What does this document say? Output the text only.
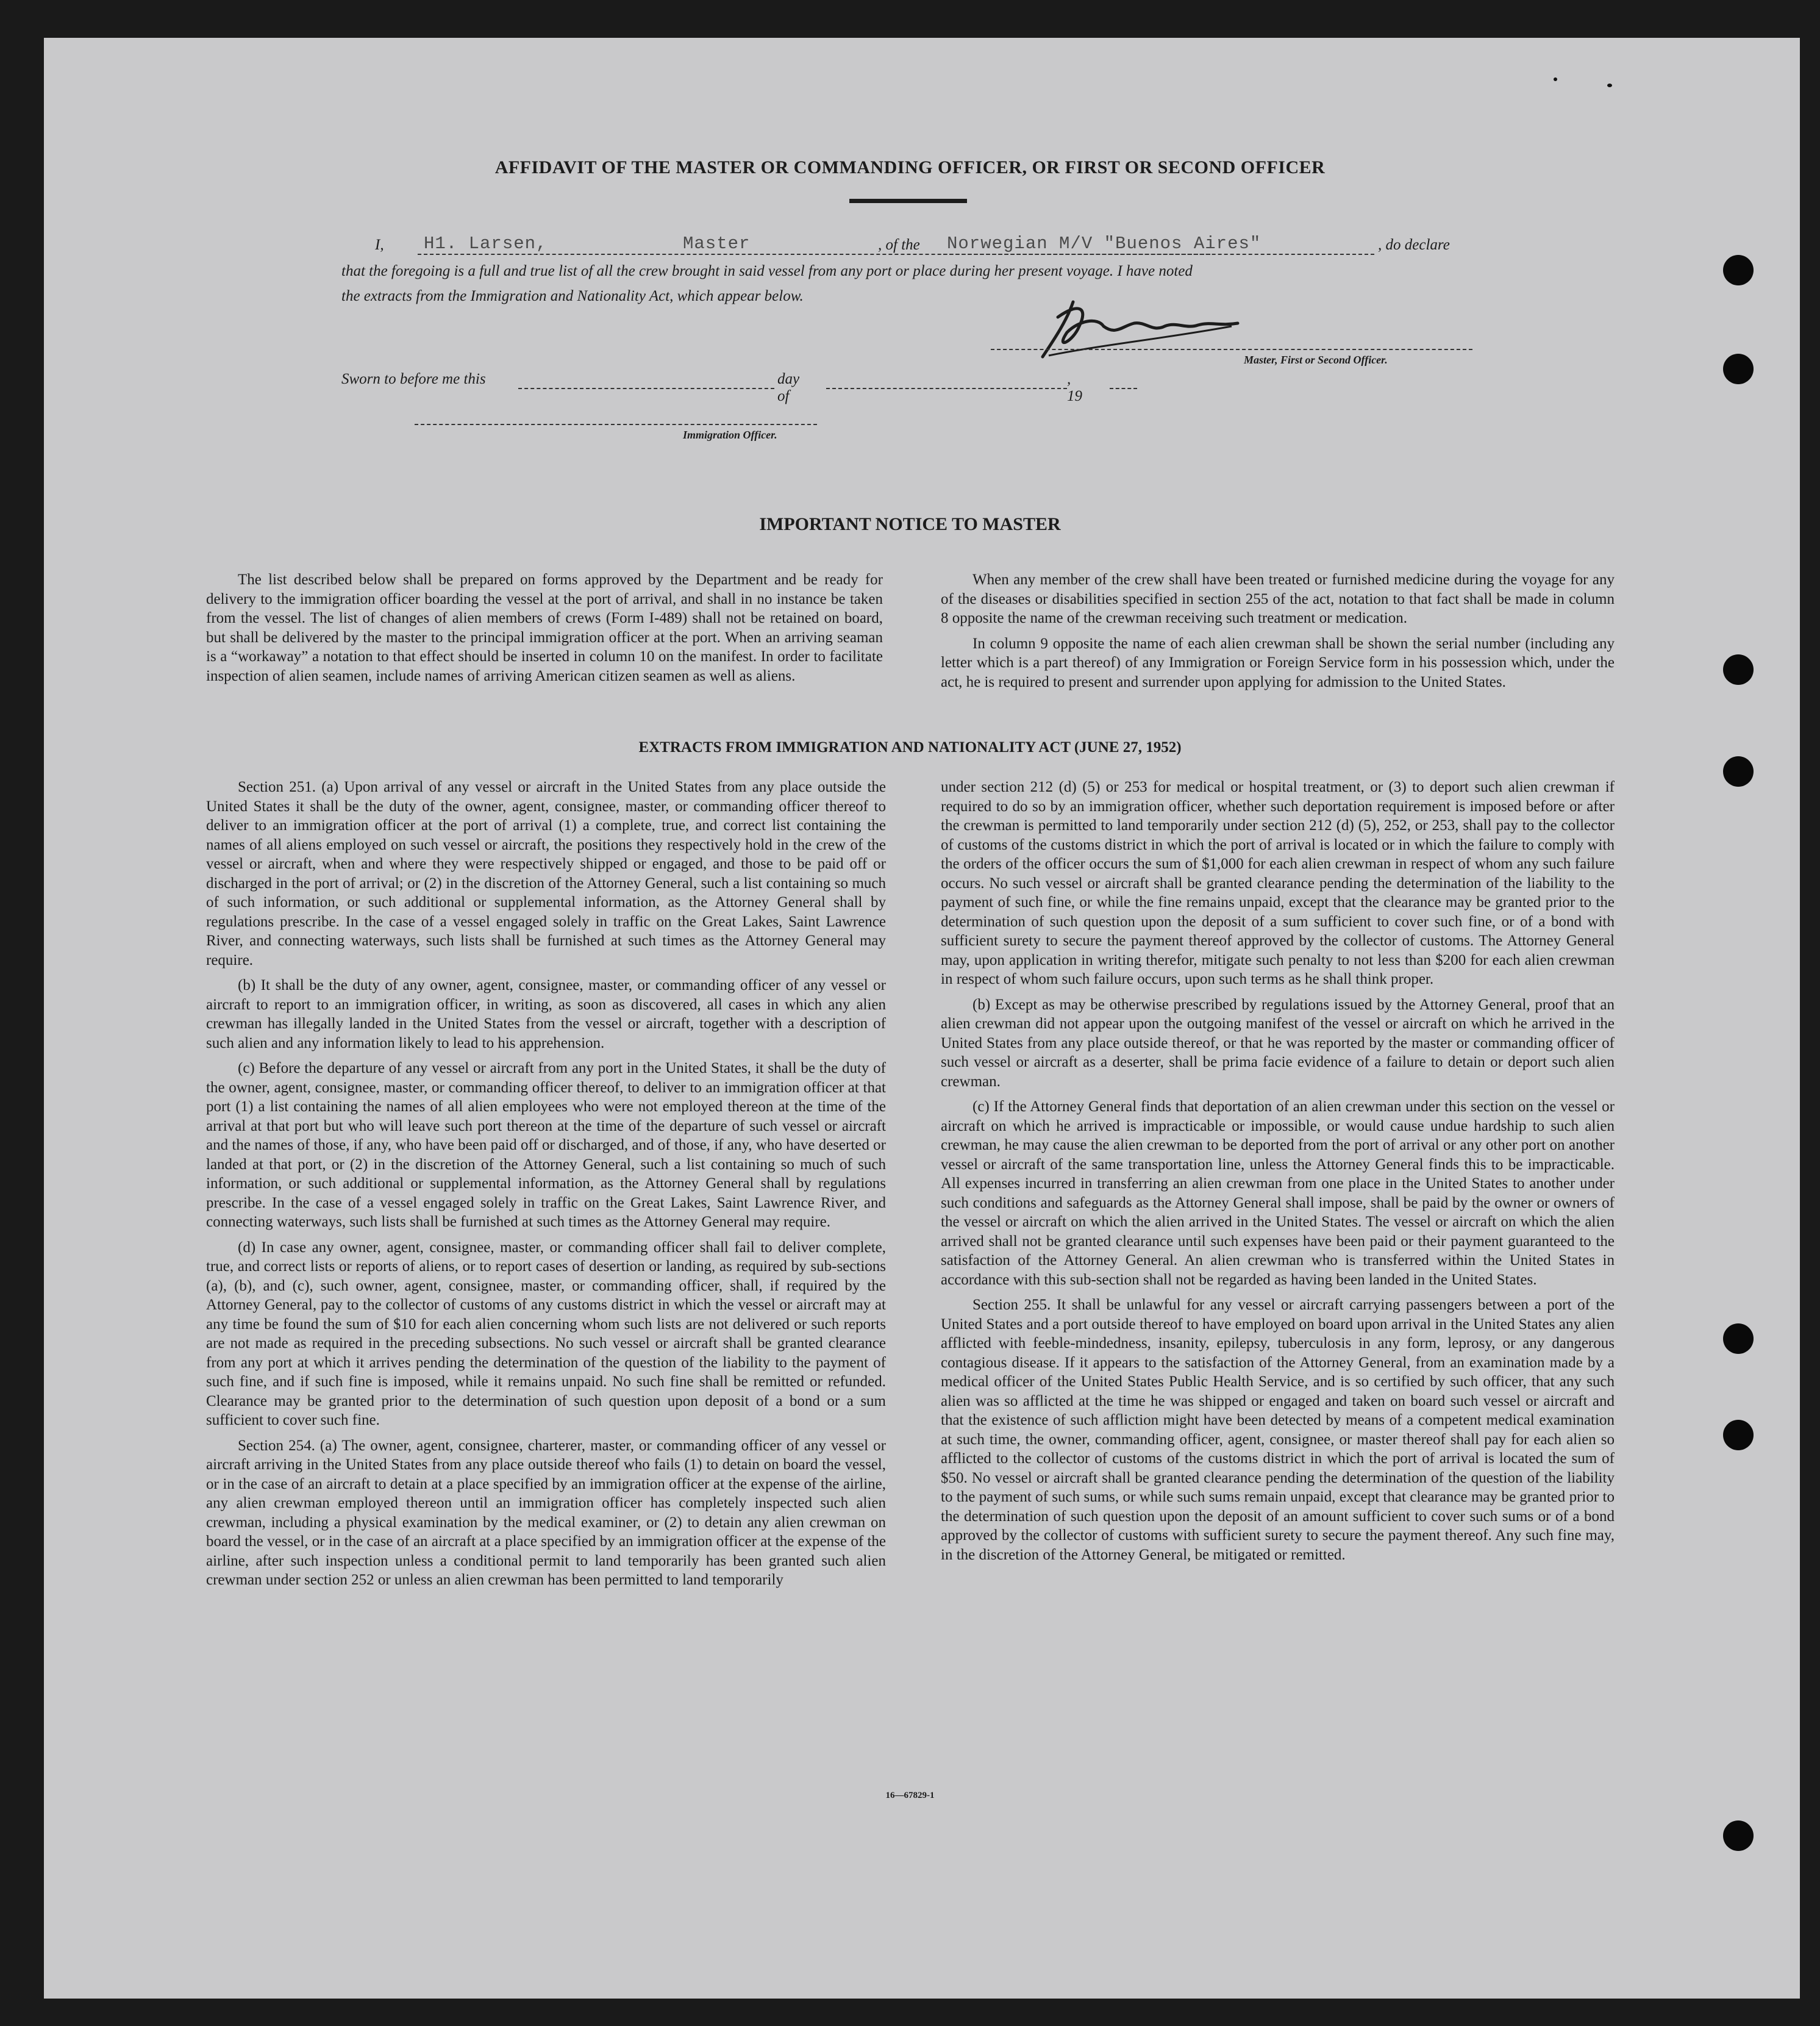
AFFIDAVIT OF THE MASTER OR COMMANDING OFFICER, OR FIRST OR SECOND OFFICER
I, H1. Larsen,	Master	, of the Norwegian M/V "Buenos Aires"	, do declare
that the foregoing is a full and true list of all the crew brought in said vessel from any port or place during her present voyage. I have noted
the extracts from the Immigration and Nationality Act, which appear below.
Master, First or Second Officer.
Sworn to before me this	day of
, 19
Immigration Officer.
IMPORTANT NOTICE TO MASTER

The list described below shall be prepared on forms approved by the Department and be ready for delivery to the immigration officer boarding the vessel at the port of arrival, and shall in no instance be taken from the vessel. The list of changes of alien members of crews (Form I-489) shall not be retained on board, but shall be delivered by the master to the principal immigration officer at the port. When an arriving seaman is a “workaway” a notation to that effect should be inserted in column 10 on the manifest. In order to facilitate inspection of alien seamen, include names of arriving American citizen seamen as well as aliens.

When any member of the crew shall have been treated or furnished medicine during the voyage for any of the diseases or disabilities specified in section 255 of the act, notation to that fact shall be made in column 8 opposite the name of the crewman receiving such treatment or medication.

In column 9 opposite the name of each alien crewman shall be shown the serial number (including any letter which is a part thereof) of any Immigration or Foreign Service form in his possession which, under the act, he is required to present and surrender upon applying for admission to the United States.

EXTRACTS FROM IMMIGRATION AND NATIONALITY ACT (JUNE 27, 1952)

Section 251. (a) Upon arrival of any vessel or aircraft in the United States from any place outside the United States it shall be the duty of the owner, agent, consignee, master, or commanding officer thereof to deliver to an immigration officer at the port of arrival (1) a complete, true, and correct list containing the names of all aliens employed on such vessel or aircraft, the positions they respectively hold in the crew of the vessel or aircraft, when and where they were respectively shipped or engaged, and those to be paid off or discharged in the port of arrival; or (2) in the discretion of the Attorney General, such a list containing so much of such information, or such additional or supplemental information, as the Attorney General shall by regulations prescribe. In the case of a vessel engaged solely in traffic on the Great Lakes, Saint Lawrence River, and connecting waterways, such lists shall be furnished at such times as the Attorney General may require.

(b) It shall be the duty of any owner, agent, consignee, master, or commanding officer of any vessel or aircraft to report to an immigration officer, in writing, as soon as discovered, all cases in which any alien crewman has illegally landed in the United States from the vessel or aircraft, together with a description of such alien and any information likely to lead to his apprehension.

(c) Before the departure of any vessel or aircraft from any port in the United States, it shall be the duty of the owner, agent, consignee, master, or commanding officer thereof, to deliver to an immigration officer at that port (1) a list containing the names of all alien employees who were not employed thereon at the time of the arrival at that port but who will leave such port thereon at the time of the departure of such vessel or aircraft and the names of those, if any, who have been paid off or discharged, and of those, if any, who have deserted or landed at that port, or (2) in the discretion of the Attorney General, such a list containing so much of such information, or such additional or supplemental information, as the Attorney General shall by regulations prescribe. In the case of a vessel engaged solely in traffic on the Great Lakes, Saint Lawrence River, and connecting waterways, such lists shall be furnished at such times as the Attorney General may require.

(d) In case any owner, agent, consignee, master, or commanding officer shall fail to deliver complete, true, and correct lists or reports of aliens, or to report cases of desertion or landing, as required by sub-sections (a), (b), and (c), such owner, agent, consignee, master, or commanding officer, shall, if required by the Attorney General, pay to the collector of customs of any customs district in which the vessel or aircraft may at any time be found the sum of $10 for each alien concerning whom such lists are not delivered or such reports are not made as required in the preceding subsections. No such vessel or aircraft shall be granted clearance from any port at which it arrives pending the determination of the question of the liability to the payment of such fine, and if such fine is imposed, while it remains unpaid. No such fine shall be remitted or refunded. Clearance may be granted prior to the determination of such question upon deposit of a bond or a sum sufficient to cover such fine.

Section 254. (a) The owner, agent, consignee, charterer, master, or commanding officer of any vessel or aircraft arriving in the United States from any place outside thereof who fails (1) to detain on board the vessel, or in the case of an aircraft to detain at a place specified by an immigration officer at the expense of the airline, any alien crewman employed thereon until an immigration officer has completely inspected such alien crewman, including a physical examination by the medical examiner, or (2) to detain any alien crewman on board the vessel, or in the case of an aircraft at a place specified by an immigration officer at the expense of the airline, after such inspection unless a conditional permit to land temporarily has been granted such alien crewman under section 252 or unless an alien crewman has been permitted to land temporarily

under section 212 (d) (5) or 253 for medical or hospital treatment, or (3) to deport such alien crewman if required to do so by an immigration officer, whether such deportation requirement is imposed before or after the crewman is permitted to land temporarily under section 212 (d) (5), 252, or 253, shall pay to the collector of customs of the customs district in which the port of arrival is located or in which the failure to comply with the orders of the officer occurs the sum of $1,000 for each alien crewman in respect of whom any such failure occurs. No such vessel or aircraft shall be granted clearance pending the determination of the liability to the payment of such fine, or while the fine remains unpaid, except that the clearance may be granted prior to the determination of such question upon the deposit of a sum sufficient to cover such fine, or of a bond with sufficient surety to secure the payment thereof approved by the collector of customs. The Attorney General may, upon application in writing therefor, mitigate such penalty to not less than $200 for each alien crewman in respect of whom such failure occurs, upon such terms as he shall think proper.

(b) Except as may be otherwise prescribed by regulations issued by the Attorney General, proof that an alien crewman did not appear upon the outgoing manifest of the vessel or aircraft on which he arrived in the United States from any place outside thereof, or that he was reported by the master or commanding officer of such vessel or aircraft as a deserter, shall be prima facie evidence of a failure to detain or deport such alien crewman.

(c) If the Attorney General finds that deportation of an alien crewman under this section on the vessel or aircraft on which he arrived is impracticable or impossible, or would cause undue hardship to such alien crewman, he may cause the alien crewman to be deported from the port of arrival or any other port on another vessel or aircraft of the same transportation line, unless the Attorney General finds this to be impracticable. All expenses incurred in transferring an alien crewman from one place in the United States to another under such conditions and safeguards as the Attorney General shall impose, shall be paid by the owner or owners of the vessel or aircraft on which the alien arrived in the United States. The vessel or aircraft on which the alien arrived shall not be granted clearance until such expenses have been paid or their payment guaranteed to the satisfaction of the Attorney General. An alien crewman who is transferred within the United States in accordance with this sub-section shall not be regarded as having been landed in the United States.

Section 255. It shall be unlawful for any vessel or aircraft carrying passengers between a port of the United States and a port outside thereof to have employed on board upon arrival in the United States any alien afflicted with feeble-mindedness, insanity, epilepsy, tuberculosis in any form, leprosy, or any dangerous contagious disease. If it appears to the satisfaction of the Attorney General, from an examination made by a medical officer of the United States Public Health Service, and is so certified by such officer, that any such alien was so afflicted at the time he was shipped or engaged and taken on board such vessel or aircraft and that the existence of such affliction might have been detected by means of a competent medical examination at such time, the owner, commanding officer, agent, consignee, or master thereof shall pay for each alien so afflicted to the collector of customs of the customs district in which the port of arrival is located the sum of $50. No vessel or aircraft shall be granted clearance pending the determination of the question of the liability to the payment of such sums, or while such sums remain unpaid, except that clearance may be granted prior to the determination of such question upon the deposit of an amount sufficient to cover such sums or of a bond approved by the collector of customs with sufficient surety to secure the payment thereof. Any such fine may, in the discretion of the Attorney General, be mitigated or remitted.

16—67829-1
